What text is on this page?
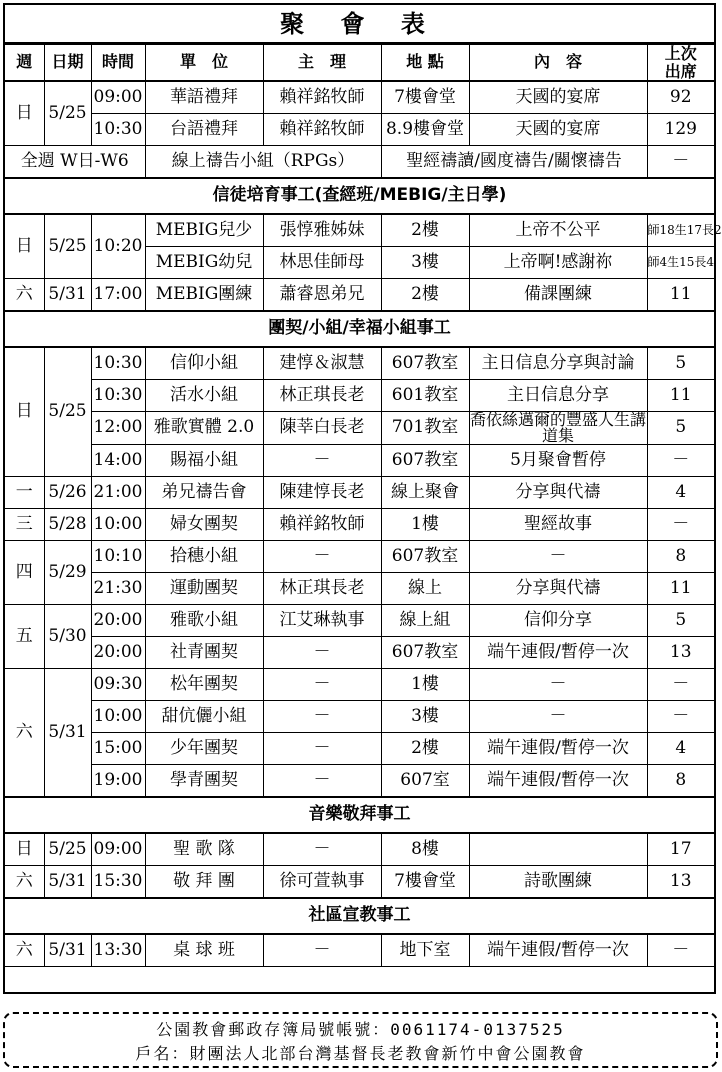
聚 會 表
週	日期	時間	單　位	主　理	地 點	內　容	上次
出席
日	5/25	09:00	華語禮拜	賴祥銘牧師	7樓會堂	天國的宴席	92
		10:30	台語禮拜	賴祥銘牧師	8.9樓會堂	天國的宴席	129
全週 W日-W6			線上禱告小組（RPGs）		聖經禱讀/國度禱告/關懷禱告		－
信徒培育事工(查經班/MEBIG/主日學)							
日	5/25	10:20	MEBIG兒少	張惇雅姊妹	2樓	上帝不公平	師18生17長2
			MEBIG幼兒	林思佳師母	3樓	上帝啊!感謝祢	師4生15長4
六	5/31	17:00	MEBIG團練	蕭睿恩弟兄	2樓	備課團練	11
團契/小組/幸福小組事工							
日	5/25	10:30	信仰小組	建惇＆淑慧	607教室	主日信息分享與討論	5
		10:30	活水小組	林正琪長老	601教室	主日信息分享	11
		12:00	雅歌實體 2.0	陳莘白長老	701教室	喬依絲邁爾的豐盛人生講道集	5
		14:00	賜福小組	－	607教室	5月聚會暫停	－
一	5/26	21:00	弟兄禱告會	陳建惇長老	線上聚會	分享與代禱	4
三	5/28	10:00	婦女團契	賴祥銘牧師	1樓	聖經故事	－
四	5/29	10:10	拾穗小組	－	607教室	－	8
		21:30	運動團契	林正琪長老	線上	分享與代禱	11
五	5/30	20:00	雅歌小組	江艾琳執事	線上組	信仰分享	5
		20:00	社青團契	－	607教室	端午連假/暫停一次	13
六	5/31	09:30	松年團契	－	1樓	－	－
		10:00	甜伉儷小組	－	3樓	－	－
		15:00	少年團契	－	2樓	端午連假/暫停一次	4
		19:00	學青團契	－	607室	端午連假/暫停一次	8
音樂敬拜事工							
日	5/25	09:00	聖 歌 隊	－	8樓		17
六	5/31	15:30	敬 拜 團	徐可萱執事	7樓會堂	詩歌團練	13
社區宣教事工							
六	5/31	13:30	桌 球 班	－	地下室	端午連假/暫停一次	－
公園教會郵政存簿局號帳號：0061174-0137525
戶名：財團法人北部台灣基督長老教會新竹中會公園教會
